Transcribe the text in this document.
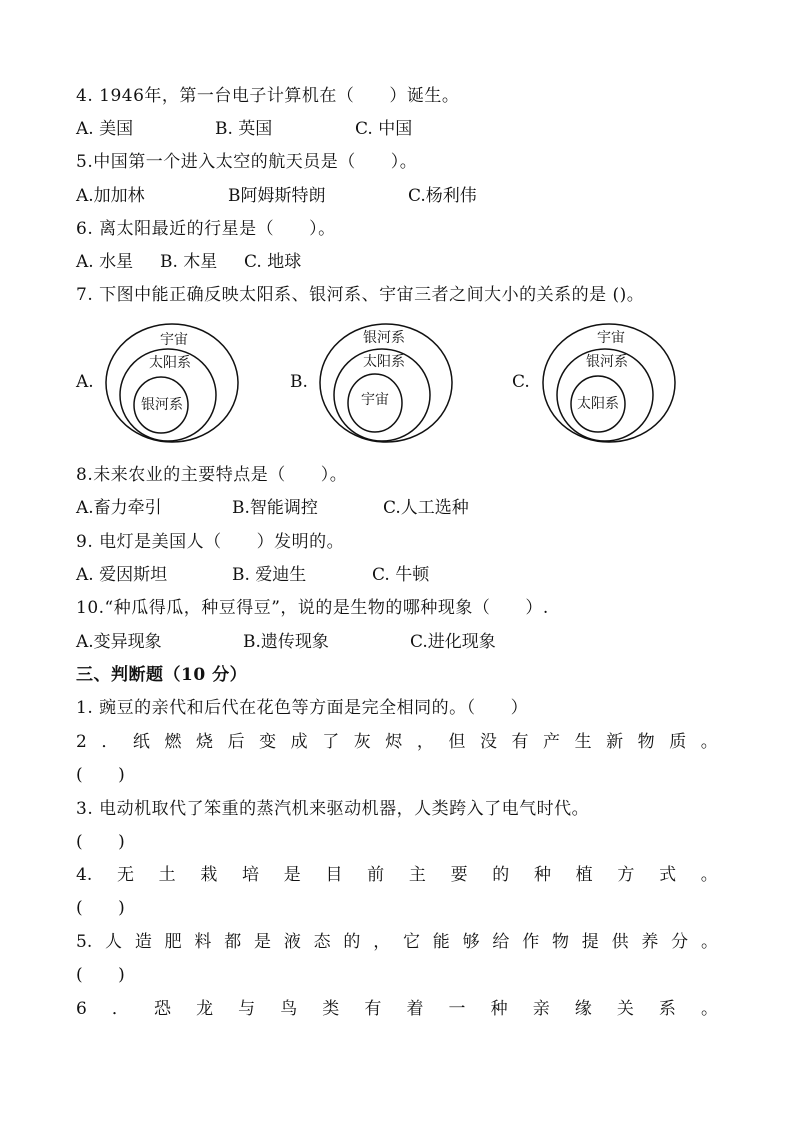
4. 1946年，第一台电子计算机在（　　）诞生。
A. 美国	B. 英国	C. 中国
5.中国第一个进入太空的航天员是（　　）。
A.加加林	B阿姆斯特朗	C.杨利伟
6. 离太阳最近的行星是（　　）。
A. 水星 B. 木星 C. 地球
7. 下图中能正确反映太阳系、银河系、宇宙三者之间大小的关系的是 ()。
A.
宇宙
太阳系
银河系
B.
银河系
太阳系
宇宙
C.
宇宙
银河系
太阳系
8.未来农业的主要特点是（　　）。
A.畜力牵引	B.智能调控	C.人工选种
9. 电灯是美国人（　　）发明的。
A. 爱因斯坦	B. 爱迪生	C. 牛顿
10.“种瓜得瓜，种豆得豆”，说的是生物的哪种现象（　　）.
A.变异现象	B.遗传现象	C.进化现象
三、判断题（10 分）
1. 豌豆的亲代和后代在花色等方面是完全相同的。（　　）
2 ． 纸 燃 烧 后 变 成 了 灰 烬 ， 但 没 有 产 生 新 物 质 。
(　　)
3. 电动机取代了笨重的蒸汽机来驱动机器，人类跨入了电气时代。
(　　)
4. 无 土 栽 培 是 目 前 主 要 的 种 植 方 式 。
(　　)
5. 人 造 肥 料 都 是 液 态 的 ， 它 能 够 给 作 物 提 供 养 分 。
(　　)
6 ． 恐 龙 与 鸟 类 有 着 一 种 亲 缘 关 系 。
